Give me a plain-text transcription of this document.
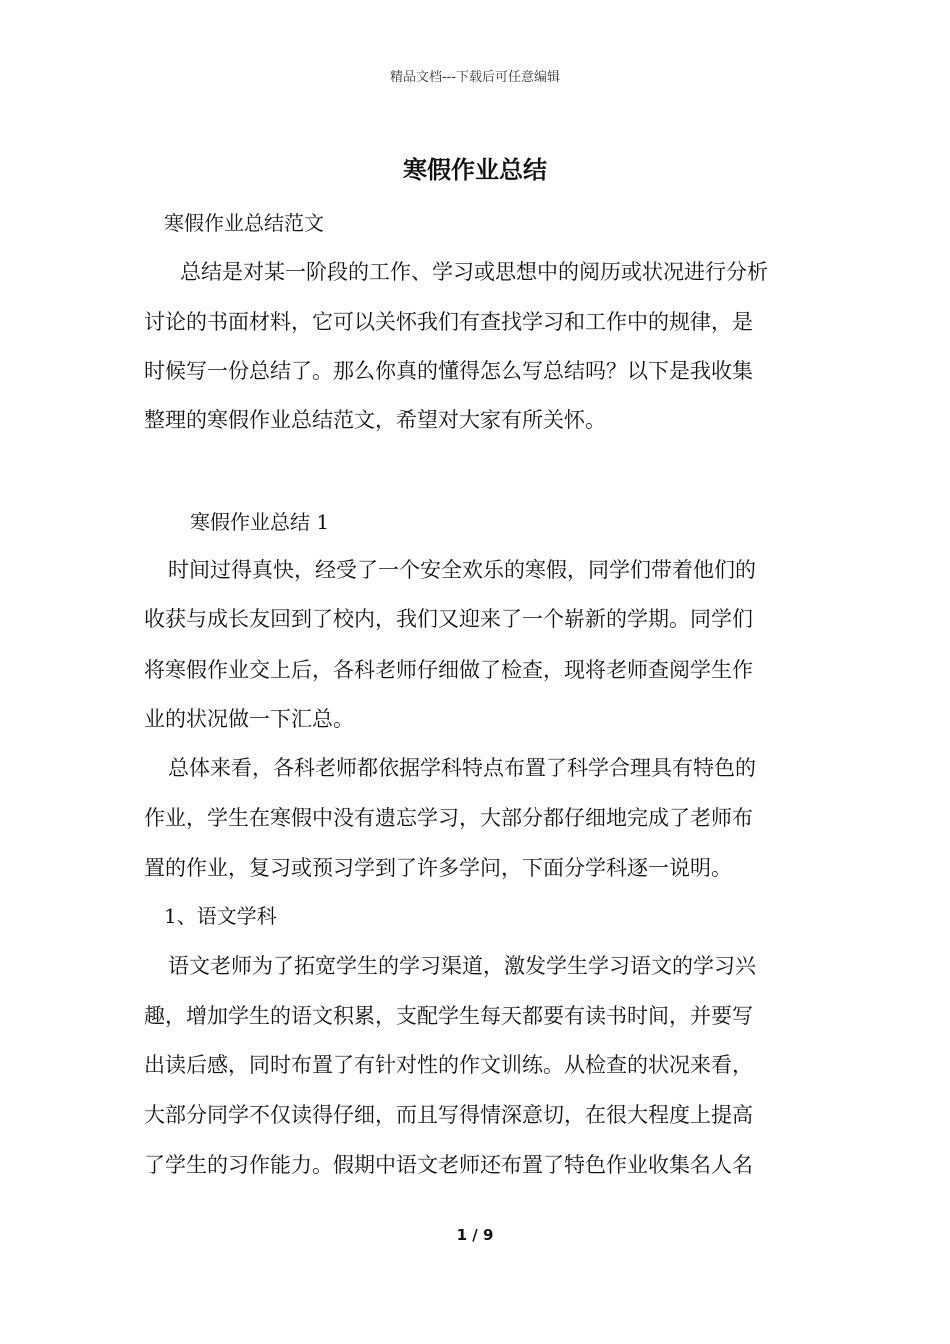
精品文档---下载后可任意编辑
寒假作业总结
寒假作业总结范文
总结是对某一阶段的工作、学习或思想中的阅历或状况进行分析
讨论的书面材料，它可以关怀我们有查找学习和工作中的规律，是
时候写一份总结了。那么你真的懂得怎么写总结吗？以下是我收集
整理的寒假作业总结范文，希望对大家有所关怀。
寒假作业总结 1
时间过得真快，经受了一个安全欢乐的寒假，同学们带着他们的
收获与成长友回到了校内，我们又迎来了一个崭新的学期。同学们
将寒假作业交上后，各科老师仔细做了检查，现将老师查阅学生作
业的状况做一下汇总。
总体来看，各科老师都依据学科特点布置了科学合理具有特色的
作业，学生在寒假中没有遗忘学习，大部分都仔细地完成了老师布
置的作业，复习或预习学到了许多学问，下面分学科逐一说明。
1、语文学科
语文老师为了拓宽学生的学习渠道，激发学生学习语文的学习兴
趣，增加学生的语文积累，支配学生每天都要有读书时间，并要写
出读后感，同时布置了有针对性的作文训练。从检查的状况来看，
大部分同学不仅读得仔细，而且写得情深意切，在很大程度上提高
了学生的习作能力。假期中语文老师还布置了特色作业收集名人名
1 / 9
